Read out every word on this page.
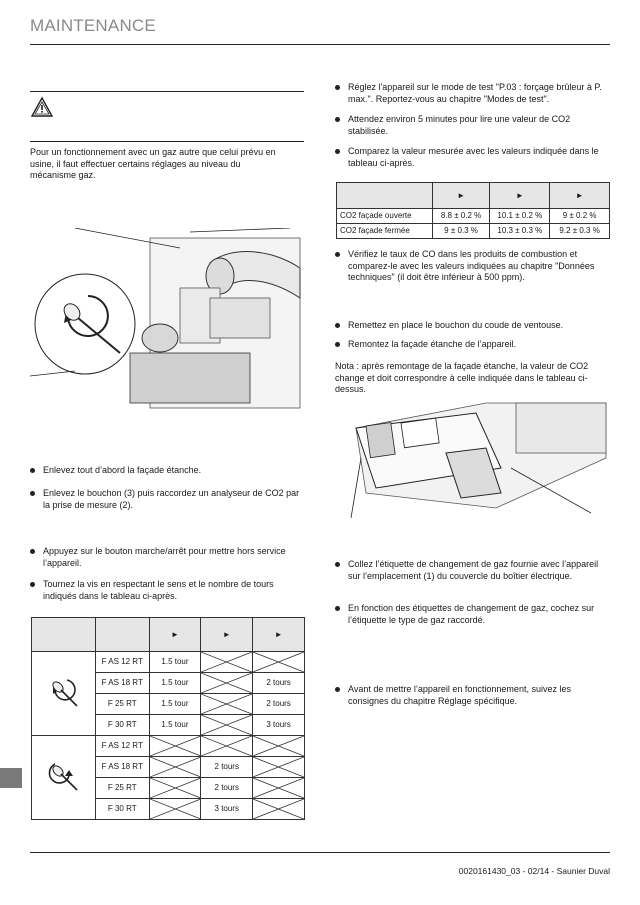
MAINTENANCE
Pour un fonctionnement avec un gaz autre que celui prévu en usine, il faut effectuer certains réglages au niveau du mécanisme gaz.
Enlevez tout d’abord la façade étanche.
Enlevez le bouchon (3) puis raccordez un analyseur de CO2 par la prise de mesure (2).
Appuyez sur le bouton marche/arrêt pour mettre hors service l’appareil.
Tournez la vis en respectant le sens et le nombre de tours indiqués dans le tableau ci-après.
		►	►	►
	F AS 12 RT	1.5 tour	

	F AS 18 RT	1.5 tour		2 tours
	F 25 RT	1.5 tour		2 tours
	F 30 RT	1.5 tour		3 tours
	F AS 12 RT	

	F AS 18 RT		2 tours	

	F 25 RT		2 tours	

	F 30 RT		3 tours	
Réglez l'appareil sur le mode de test "P.03 : forçage brûleur à P. max.". Reportez-vous au chapitre "Modes de test".
Attendez environ 5 minutes pour lire une valeur de CO2 stabilisée.
Comparez la valeur mesurée avec les valeurs indiquée dans le tableau ci-après.
	►	►	►
CO2 façade ouverte	8.8 ± 0.2 %	10.1 ± 0.2 %	9 ± 0.2 %
CO2 façade fermée	9 ± 0.3 %	10.3 ± 0.3 %	9.2 ± 0.3 %
Vérifiez le taux de CO dans les produits de combustion et comparez-le avec les valeurs indiquées au chapitre "Données techniques" (il doit être inférieur à 500 ppm).
Remettez en place le bouchon du coude de ventouse.
Remontez la façade étanche de l’appareil.
Nota : après remontage de la façade étanche, la valeur de CO2 change et doit correspondre à celle indiquée dans le tableau ci-dessus.
Collez l’étiquette de changement de gaz fournie avec l’appareil sur l’emplacement (1) du couvercle du boîtier électrique.
En fonction des étiquettes de changement de gaz, cochez sur l’étiquette le type de gaz raccordé.
Avant de mettre l’appareil en fonctionnement, suivez les consignes du chapitre Réglage spécifique.
0020161430_03 - 02/14 - Saunier Duval
